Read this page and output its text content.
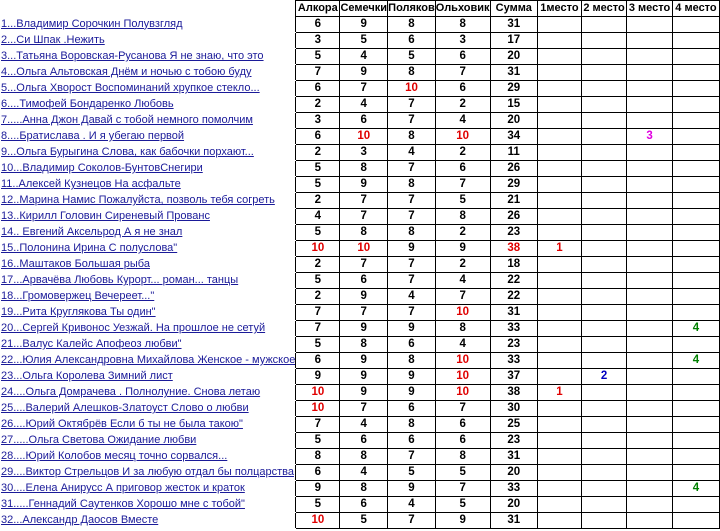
	Алкора	Семечки	Поляков	Ольховик	Сумма	1место	2 место	3 место	4 место
1...Владимир Сорочкин Полувзгляд	6	9	8	8	31				
2...Си Шпак .Нежить	3	5	6	3	17				
3...Татьяна Воровская-Русанова Я не знаю, что это	5	4	5	6	20				
4...Ольга Альтовская Днём и ночью с тобою буду	7	9	8	7	31				
5...Ольга Хворост Воспоминаний хрупкое стекло...	6	7	10	6	29				
6....Тимофей Бондаренко Любовь	2	4	7	2	15				
7.....Анна Джон Давай с тобой немного помолчим	3	6	7	4	20				
8....Братислава . И я убегаю первой	6	10	8	10	34			3	
9...Ольга Бурыгина Слова, как бабочки порхают...	2	3	4	2	11				
10...Владимир Соколов-БунтовСнегири	5	8	7	6	26				
11..Алексей Кузнецов На асфальте	5	9	8	7	29				
12..Марина Намис Пожалуйста, позволь тебя согреть	2	7	7	5	21				
13..Кирилл Головин Сиреневый Прованс	4	7	7	8	26				
14.. Евгений Аксельрод А я не знал	5	8	8	2	23				
15..Полонина Ирина С полуслова"	10	10	9	9	38	1			
16..Маштаков Большая рыба	2	7	7	2	18				
17...Арвачёва Любовь Курорт... роман... танцы	5	6	7	4	22				
18...Громовержец Вечереет..."	2	9	4	7	22				
19...Рита Круглякова Ты один"	7	7	7	10	31				
20...Сергей Кривонос Уезжай. На прошлое не сетуй	7	9	9	8	33				4
21...Валус Калейс Апофеоз любви"	5	8	6	4	23				
22...Юлия Александровна Михайлова Женское - мужское	6	9	8	10	33				4
23...Ольга Королева Зимний лист	9	9	9	10	37		2		
24....Ольга Домрачева . Полнолуние. Снова летаю	10	9	9	10	38	1			
25....Валерий Алешков-Златоуст Слово о любви	10	7	6	7	30				
26....Юрий Октябрёв Если б ты не была такою"	7	4	8	6	25				
27.....Ольга Светова Ожидание любви	5	6	6	6	23				
28....Юрий Колобов месяц точно сорвался...	8	8	7	8	31				
29....Виктор Стрельцов И за любую отдал бы полцарства	6	4	5	5	20				
30....Елена Анирусс А приговор жесток и краток	9	8	9	7	33				4
31.....Геннадий Саутенков Хорошо мне с тобой"	5	6	4	5	20				
32...Александр Даосов Вместе	10	5	7	9	31				
